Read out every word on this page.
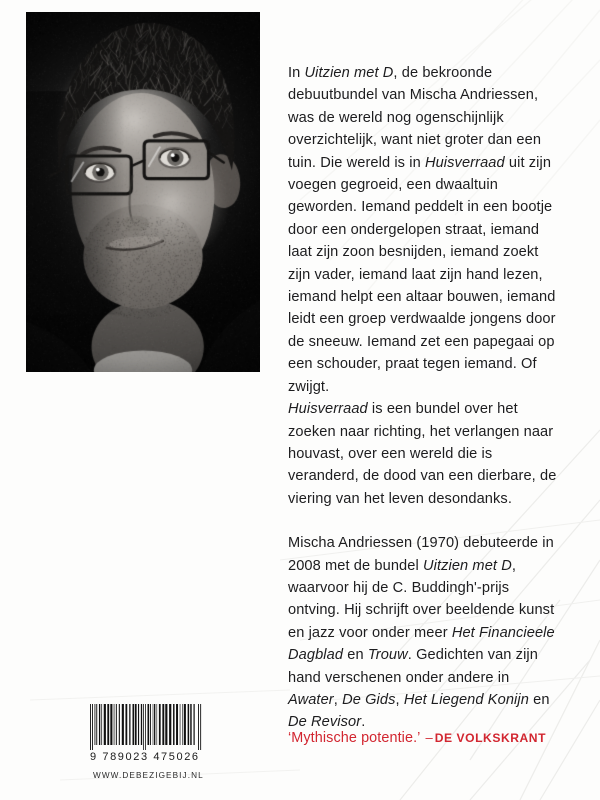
In Uitzien met D, de bekroonde debuutbundel van Mischa Andriessen, was de wereld nog ogenschijnlijk overzichtelijk, want niet groter dan een tuin. Die wereld is in Huisverraad uit zijn voegen gegroeid, een dwaaltuin geworden. Iemand peddelt in een bootje door een ondergelopen straat, iemand laat zijn zoon besnijden, iemand zoekt zijn vader, iemand laat zijn hand lezen, iemand helpt een altaar bouwen, iemand leidt een groep verdwaalde jongens door de sneeuw. Iemand zet een papegaai op een schouder, praat tegen iemand. Of zwijgt.
Huisverraad is een bundel over het zoeken naar richting, het verlangen naar houvast, over een wereld die is veranderd, de dood van een dierbare, de viering van het leven desondanks.

Mischa Andriessen (1970) debuteerde in 2008 met de bundel Uitzien met D, waarvoor hij de C. Buddingh'-prijs ontving. Hij schrijft over beeldende kunst en jazz voor onder meer Het Financieele Dagblad en Trouw. Gedichten van zijn hand verschenen onder andere in Awater, De Gids, Het Liegend Konijn en De Revisor.

‘Mythische potentie.’ – DE VOLKSKRANT
9 789023 475026
WWW.DEBEZIGEBIJ.NL
